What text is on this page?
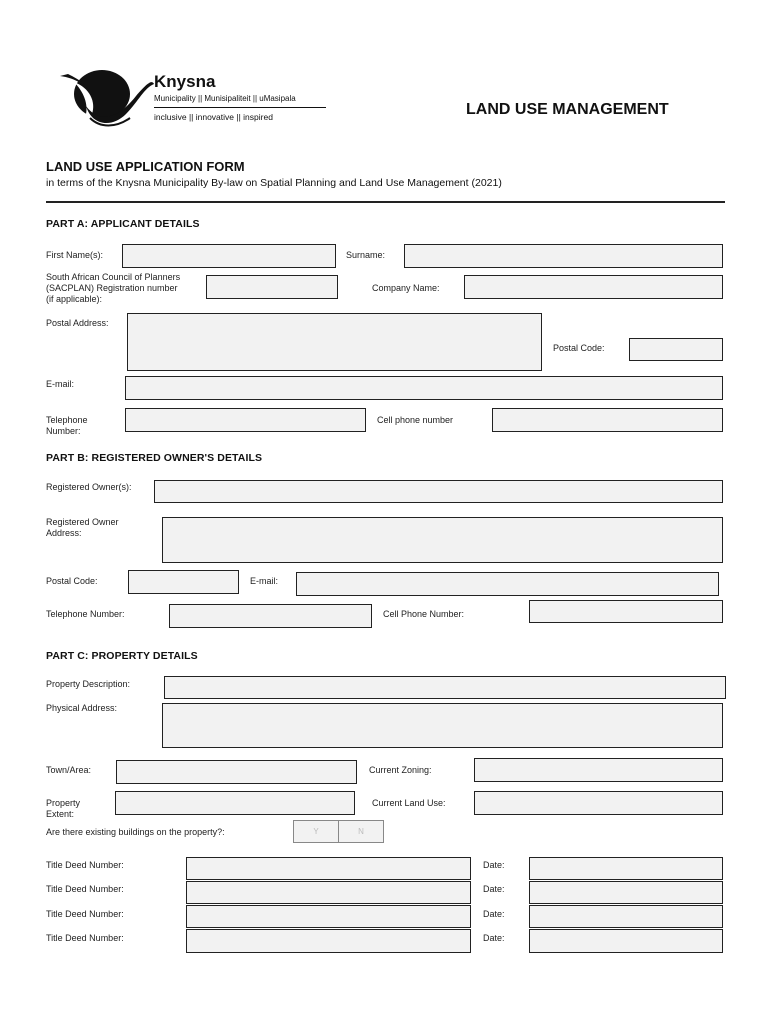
Knysna
Municipality || Munisipaliteit || uMasipala
inclusive || innovative || inspired	LAND USE MANAGEMENT
LAND USE APPLICATION FORM
in terms of the Knysna Municipality By-law on Spatial Planning and Land Use Management (2021)
PART A: APPLICANT DETAILS
First Name(s):	Surname:
South African Council of Planners
(SACPLAN) Registration number
(if applicable):
Company Name:
Postal Address:
Postal Code:
E-mail:
Telephone
Number:
Cell phone number
PART B: REGISTERED OWNER'S DETAILS
Registered Owner(s):
Registered Owner
Address:
Postal Code:	E-mail:
Telephone Number:	Cell Phone Number:
PART C: PROPERTY DETAILS
Property Description:
Physical Address:
Town/Area:	Current Zoning:
Property
Extent:
Current Land Use:
Are there existing buildings on the property?:	Y	N
Title Deed Number:	Date:
Title Deed Number:	Date:
Title Deed Number:	Date:
Title Deed Number:	Date:
